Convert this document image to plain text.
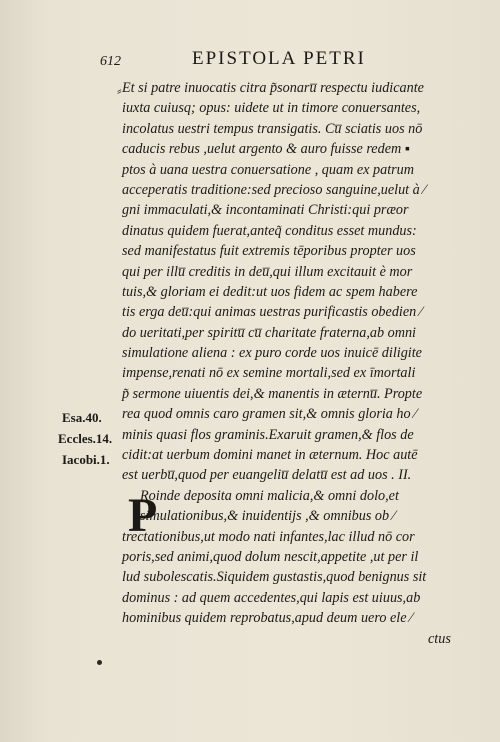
612	EPISTOLA PETRI
⸗ Et si patre inuocatis citra p̃sonaru̅ respectu iudicante
iuxta cuiusq; opus: uidete ut in timore conuersantes,
incolatus uestri tempus transigatis. Cu̅ sciatis uos nō
caducis rebus ,uelut argento & auro fuisse redem ▪
ptos à uana uestra conuersatione , quam ex patrum
acceperatis traditione:sed precioso sanguine,uelut à ⁄
gni immaculati,& incontaminati Christi:qui præor
dinatus quidem fuerat,anteq̃ conditus esset mundus:
sed manifestatus fuit extremis tēporibus propter uos
qui per illu̅ creditis in deu̅,qui illum excitauit è mor
tuis,& gloriam ei dedit:ut uos fidem ac spem habere
tis erga deu̅:qui animas uestras purificastis obedien ⁄
do ueritati,per spiritu̅ cu̅ charitate fraterna,ab omni
simulatione aliena : ex puro corde uos inuicē diligite
impense,renati nō ex semine mortali,sed ex īmortali
p̃ sermone uiuentis dei,& manentis in æternu̅. Propte
rea quod omnis caro gramen sit,& omnis gloria ho ⁄
minis quasi flos graminis.Exaruit gramen,& flos de
cidit:at uerbum domini manet in æternum. Hoc autē
est uerbu̅,quod per euangeliu̅ delatu̅ est ad uos . II.
Roinde deposita omni malicia,& omni dolo,et
simulationibus,& inuidentijs ,& omnibus ob ⁄
trectationibus,ut modo nati infantes,lac illud nō cor
poris,sed animi,quod dolum nescit,appetite ,ut per il
lud subolescatis.Siquidem gustastis,quod benignus sit
dominus : ad quem accedentes,qui lapis est uiuus,ab
hominibus quidem reprobatus,apud deum uero ele ⁄
ctus
P
Esa.40.
Eccles.14.
Iacobi.1.
